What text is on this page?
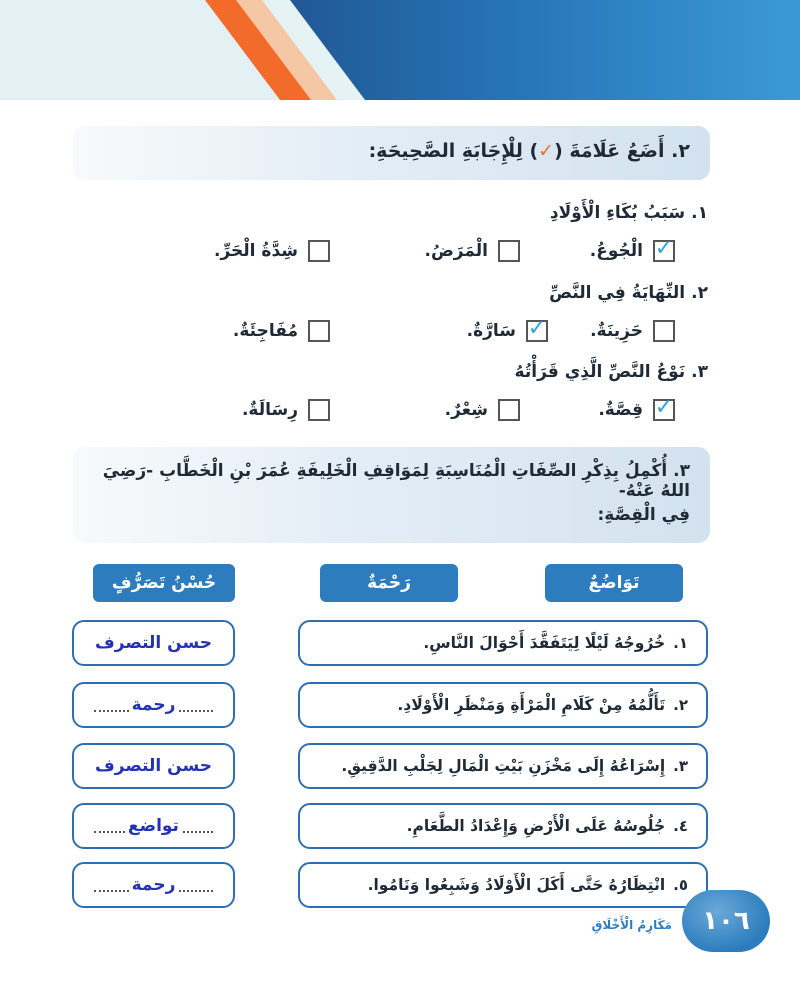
٢. أَضَعُ عَلَامَةَ (✓) لِلْإِجَابَةِ الصَّحِيحَةِ:
١.سَبَبُ بُكَاءِ الْأَوْلَادِ
✓
الْجُوعُ.
الْمَرَضُ.
شِدَّةُ الْحَرِّ.
٢.النِّهَايَةُ فِي النَّصِّ
حَزِينَةٌ.
✓
سَارَّةٌ.
مُفَاجِئَةٌ.
٣.نَوْعُ النَّصِّ الَّذِي قَرَأْتُهُ
✓
قِصَّةٌ.
شِعْرٌ.
رِسَالَةٌ.
٣. أُكْمِلُ بِذِكْرِ الصِّفَاتِ الْمُنَاسِبَةِ لِمَوَاقِفِ الْخَلِيفَةِ عُمَرَ بْنِ الْخَطَّابِ -رَضِيَ اللهُ عَنْهُ-
فِي الْقِصَّةِ:
تَوَاضُعٌ
رَحْمَةٌ
حُسْنُ تَصَرُّفٍ
١.
خُرُوجُهُ لَيْلًا لِيَتَفَقَّدَ أَحْوَالَ النَّاسِ.
حسن التصرف
٢.
تَأَلُّمُهُ مِنْ كَلَامِ الْمَرْأَةِ وَمَنْظَرِ الْأَوْلَادِ.
رحمة
٣.
إِسْرَاعُهُ إِلَى مَخْزَنِ بَيْتِ الْمَالِ لِجَلْبِ الدَّقِيقِ.
حسن التصرف
٤.
جُلُوسُهُ عَلَى الْأَرْضِ وَإِعْدَادُ الطَّعَامِ.
تواضع
٥.
انْتِظَارُهُ حَتَّى أَكَلَ الْأَوْلَادُ وَشَبِعُوا وَنَامُوا.
رحمة
مَكَارِمُ الْأَخْلَاقِ	١٠٦
